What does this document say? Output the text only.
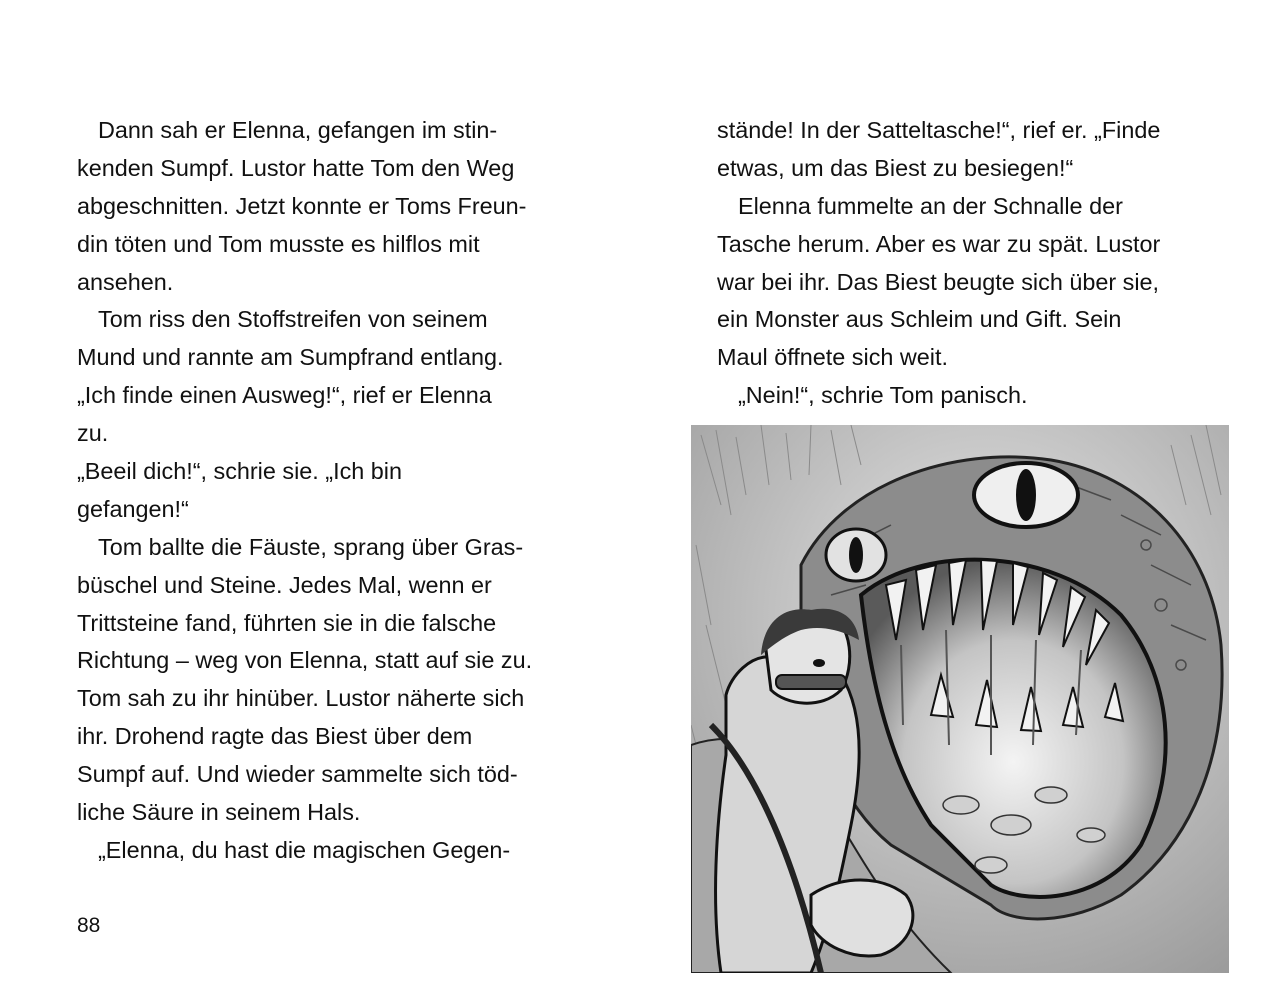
Dann sah er Elenna, gefangen im stin-
kenden Sumpf. Lustor hatte Tom den Weg
abgeschnitten. Jetzt konnte er Toms Freun-
din töten und Tom musste es hilflos mit
ansehen.
Tom riss den Stoffstreifen von seinem
Mund und rannte am Sumpfrand entlang.
„Ich finde einen Ausweg!“, rief er Elenna
zu.
„Beeil dich!“, schrie sie. „Ich bin
gefangen!“
Tom ballte die Fäuste, sprang über Gras-
büschel und Steine. Jedes Mal, wenn er
Trittsteine fand, führten sie in die falsche
Richtung – weg von Elenna, statt auf sie zu.
Tom sah zu ihr hinüber. Lustor näherte sich
ihr. Drohend ragte das Biest über dem
Sumpf auf. Und wieder sammelte sich töd-
liche Säure in seinem Hals.
„Elenna, du hast die magischen Gegen-
88
stände! In der Satteltasche!“, rief er. „Finde
etwas, um das Biest zu besiegen!“
Elenna fummelte an der Schnalle der
Tasche herum. Aber es war zu spät. Lustor
war bei ihr. Das Biest beugte sich über sie,
ein Monster aus Schleim und Gift. Sein
Maul öffnete sich weit.
„Nein!“, schrie Tom panisch.
